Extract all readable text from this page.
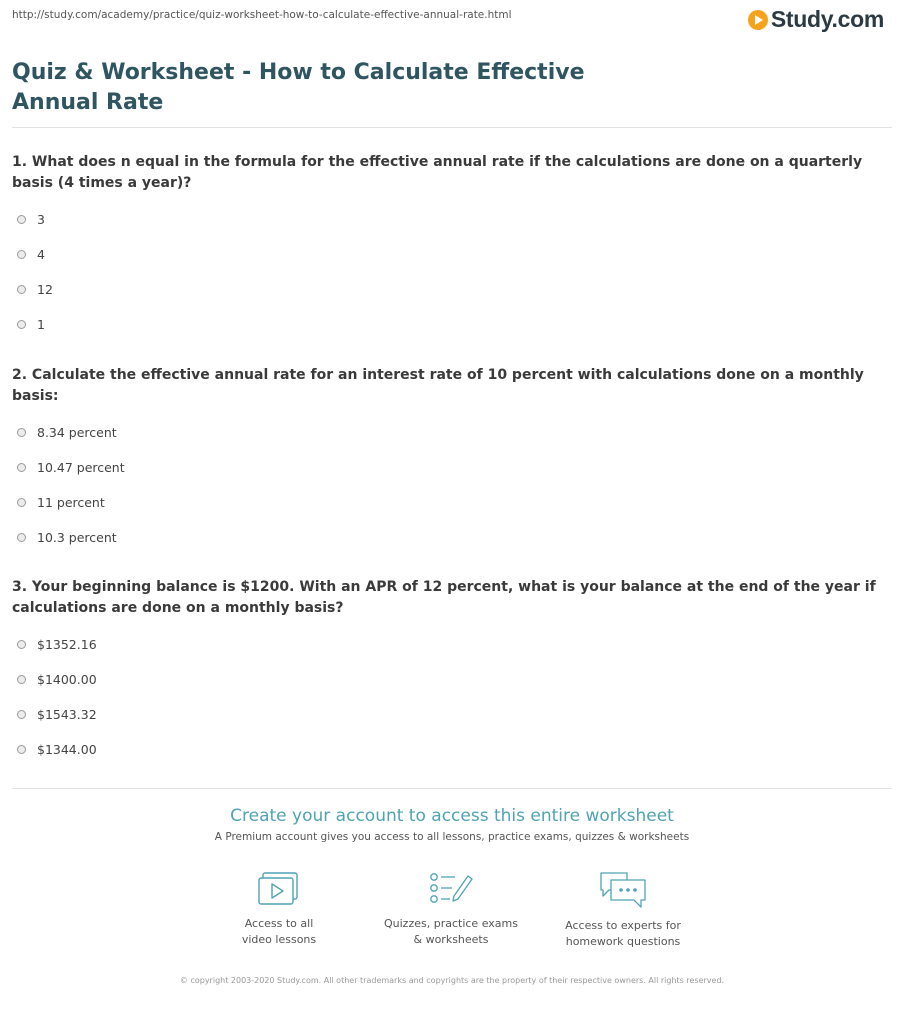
http://study.com/academy/practice/quiz-worksheet-how-to-calculate-effective-annual-rate.html	Study.com
Quiz & Worksheet - How to Calculate Effective Annual Rate
1. What does n equal in the formula for the effective annual rate if the calculations are done on a quarterly basis (4 times a year)?
3
4
12
1
2. Calculate the effective annual rate for an interest rate of 10 percent with calculations done on a monthly basis:
8.34 percent
10.47 percent
11 percent
10.3 percent
3. Your beginning balance is $1200. With an APR of 12 percent, what is your balance at the end of the year if calculations are done on a monthly basis?
$1352.16
$1400.00
$1543.32
$1344.00
Create your account to access this entire worksheet
A Premium account gives you access to all lessons, practice exams, quizzes & worksheets
Access to all
video lessons
Quizzes, practice exams
& worksheets
Access to experts for
homework questions
© copyright 2003-2020 Study.com. All other trademarks and copyrights are the property of their respective owners. All rights reserved.
